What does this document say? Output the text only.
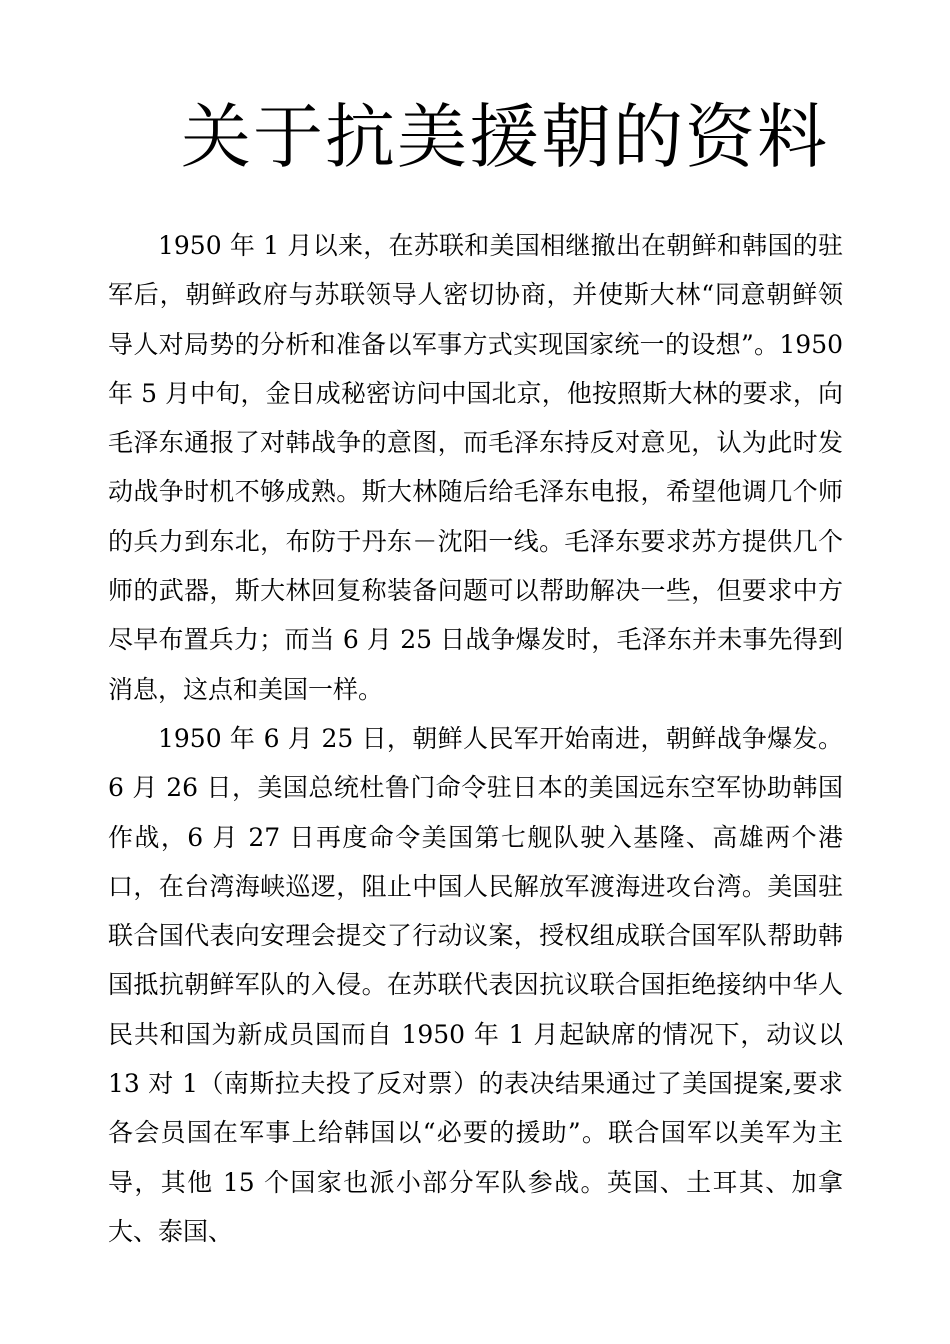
关于抗美援朝的资料

1950 年 1 月以来，在苏联和美国相继撤出在朝鲜和韩国的驻军后，朝鲜政府与苏联领导人密切协商，并使斯大林“同意朝鲜领导人对局势的分析和准备以军事方式实现国家统一的设想”。1950 年 5 月中旬，金日成秘密访问中国北京，他按照斯大林的要求，向毛泽东通报了对韩战争的意图，而毛泽东持反对意见，认为此时发动战争时机不够成熟。斯大林随后给毛泽东电报，希望他调几个师的兵力到东北，布防于丹东－沈阳一线。毛泽东要求苏方提供几个师的武器，斯大林回复称装备问题可以帮助解决一些，但要求中方尽早布置兵力；而当 6 月 25 日战争爆发时，毛泽东并未事先得到消息，这点和美国一样。

1950 年 6 月 25 日，朝鲜人民军开始南进，朝鲜战争爆发。6 月 26 日，美国总统杜鲁门命令驻日本的美国远东空军协助韩国作战，6 月 27 日再度命令美国第七舰队驶入基隆、高雄两个港口，在台湾海峡巡逻，阻止中国人民解放军渡海进攻台湾。美国驻联合国代表向安理会提交了行动议案，授权组成联合国军队帮助韩国抵抗朝鲜军队的入侵。在苏联代表因抗议联合国拒绝接纳中华人民共和国为新成员国而自 1950 年 1 月起缺席的情况下，动议以 13 对 1（南斯拉夫投了反对票）的表决结果通过了美国提案,要求各会员国在军事上给韩国以“必要的援助”。联合国军以美军为主导，其他 15 个国家也派小部分军队参战。英国、土耳其、加拿大、泰国、
